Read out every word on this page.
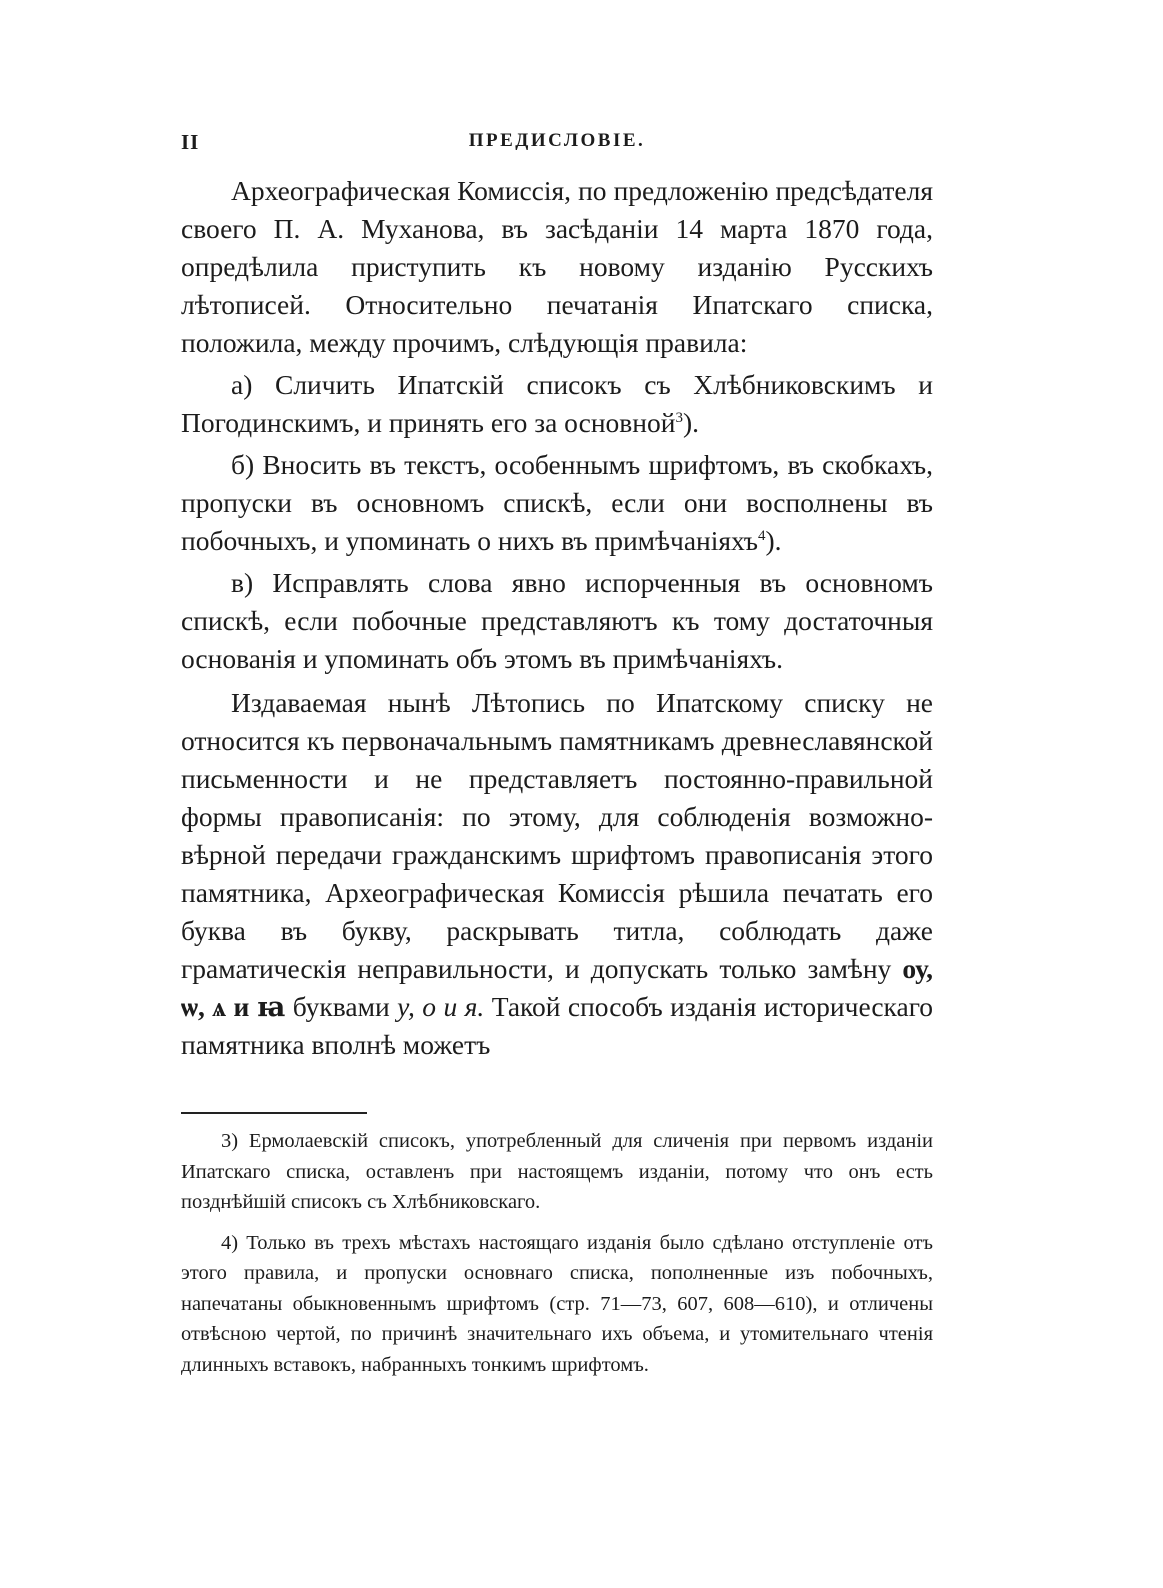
II	ПРЕДИСЛОВIЕ.

Археографическая Комиссiя, по предложенiю предсѣдателя своего П. А. Муханова, въ засѣданiи 14 марта 1870 года, опредѣлила приступить къ новому изданiю Русскихъ лѣтописей. Относительно печатанiя Ипатскаго списка, положила, между прочимъ, слѣдующiя правила:

а) Сличить Ипатскiй списокъ съ Хлѣбниковскимъ и Погодинскимъ, и принять его за основной$^3$).

б) Вносить въ текстъ, особеннымъ шрифтомъ, въ скобкахъ, пропуски въ основномъ спискѣ, если они восполнены въ побочныхъ, и упоминать о нихъ въ примѣчанiяхъ$^4$).

в) Исправлять слова явно испорченныя въ основномъ спискѣ, если побочные представляютъ къ тому достаточныя основанiя и упоминать объ этомъ въ примѣчанiяхъ.

Издаваемая нынѣ Лѣтопись по Ипатскому списку не относится къ первоначальнымъ памятникамъ древнеславянской письменности и не представляетъ постоянно-правильной формы правописанiя: по этому, для соблюденiя возможно-вѣрной передачи гражданскимъ шрифтомъ правописанiя этого памятника, Археографическая Комиссiя рѣшила печатать его буква въ букву, раскрывать титла, соблюдать даже граматическiя неправильности, и допускать только замѣну оу, ѡ, ѧ и ꙗ буквами у, о и я. Такой способъ изданiя историческаго памятника вполнѣ можетъ

3) Ермолаевскiй списокъ, употребленный для сличенiя при первомъ изданiи Ипатскаго списка, оставленъ при настоящемъ изданiи, потому что онъ есть позднѣйшiй списокъ съ Хлѣбниковскаго.

4) Только въ трехъ мѣстахъ настоящаго изданiя было сдѣлано отступленiе отъ этого правила, и пропуски основнаго списка, пополненные изъ побочныхъ, напечатаны обыкновеннымъ шрифтомъ (стр. 71—73, 607, 608—610), и отличены отвѣсною чертой, по причинѣ значительнаго ихъ объема, и утомительнаго чтенiя длинныхъ вставокъ, набранныхъ тонкимъ шрифтомъ.
